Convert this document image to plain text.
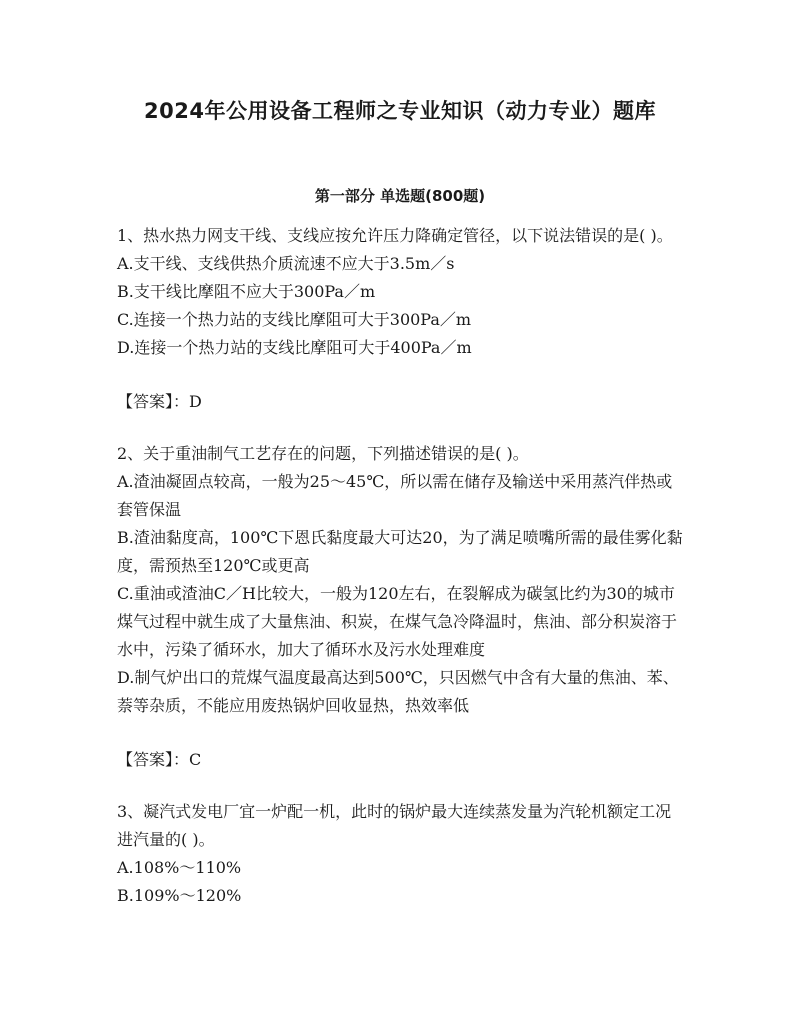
2024年公用设备工程师之专业知识（动力专业）题库
第一部分 单选题(800题)

1、热水热力网支干线、支线应按允许压力降确定管径，以下说法错误的是( )。

A.支干线、支线供热介质流速不应大于3.5m／s

B.支干线比摩阻不应大于300Pa／m

C.连接一个热力站的支线比摩阻可大于300Pa／m

D.连接一个热力站的支线比摩阻可大于400Pa／m

【答案】：D

2、关于重油制气工艺存在的问题，下列描述错误的是( )。

A.渣油凝固点较高，一般为25～45℃，所以需在储存及输送中采用蒸汽伴热或套管保温

B.渣油黏度高，100℃下恩氏黏度最大可达20，为了满足喷嘴所需的最佳雾化黏度，需预热至120℃或更高

C.重油或渣油C／H比较大，一般为120左右，在裂解成为碳氢比约为30的城市煤气过程中就生成了大量焦油、积炭，在煤气急冷降温时，焦油、部分积炭溶于水中，污染了循环水，加大了循环水及污水处理难度

D.制气炉出口的荒煤气温度最高达到500℃，只因燃气中含有大量的焦油、苯、萘等杂质，不能应用废热锅炉回收显热，热效率低

【答案】：C

3、凝汽式发电厂宜一炉配一机，此时的锅炉最大连续蒸发量为汽轮机额定工况进汽量的( )。

A.108%～110%

B.109%～120%
